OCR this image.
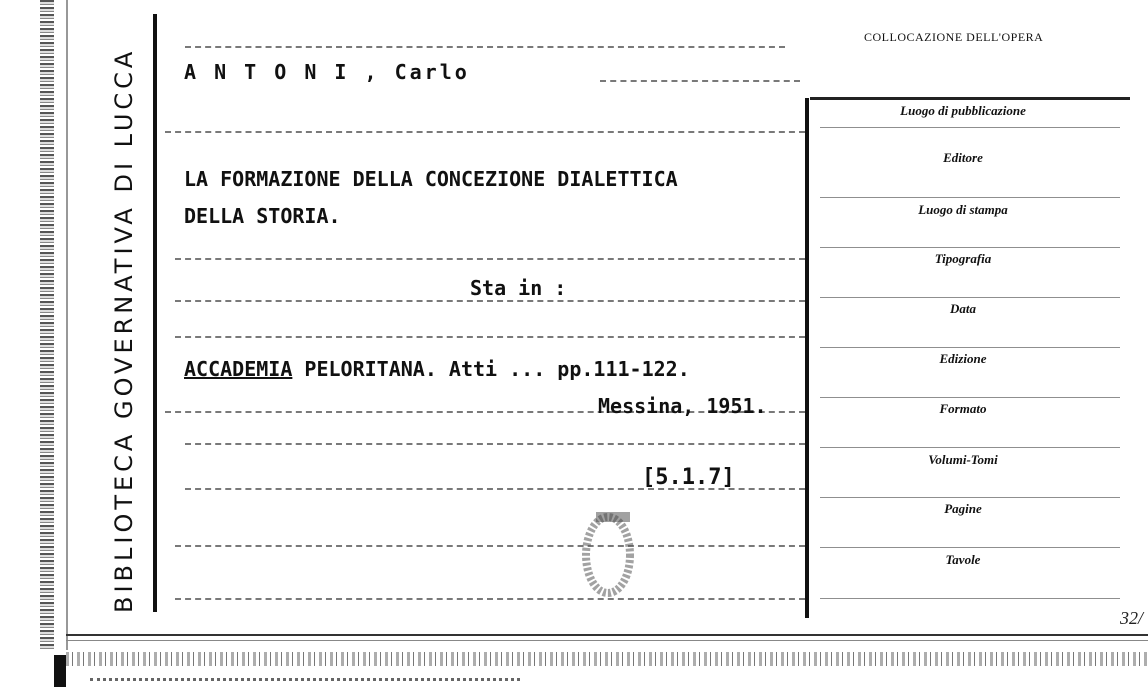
BIBLIOTECA GOVERNATIVA DI LUCCA A N T O N I , Carlo
LA FORMAZIONE DELLA CONCEZIONE DIALETTICA
DELLA STORIA.
Sta in :
ACCADEMIA PELORITANA. Atti ... pp.111-122.
Messina, 1951.
[5.1.7]
COLLOCAZIONE DELL'OPERA
Luogo di pubblicazione
Editore
Luogo di stampa
Tipografia
Data
Edizione
Formato
Volumi-Tomi
Pagine
Tavole
32/
